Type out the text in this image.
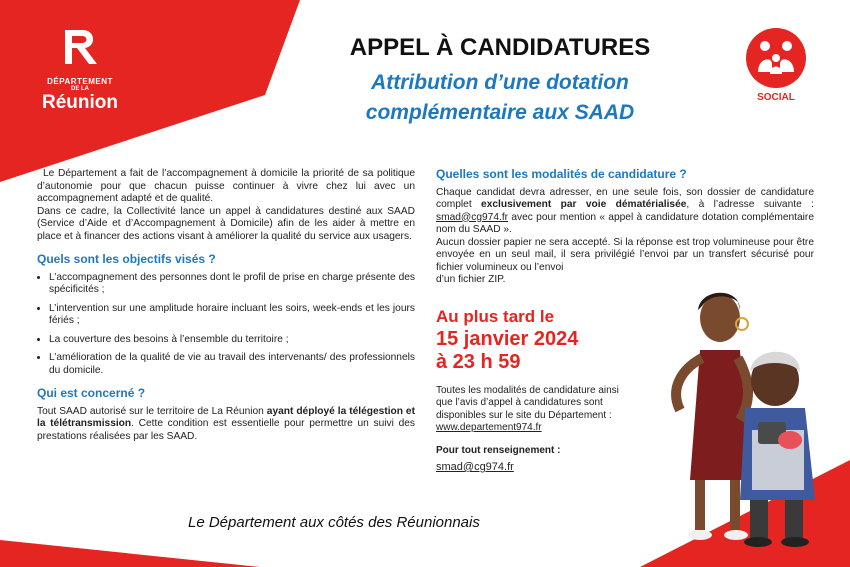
DÉPARTEMENT
DE LA
Réunion
APPEL À CANDIDATURES
Attribution d’une dotation
complémentaire aux SAAD
SOCIAL

Le Département a fait de l’accompagnement à domicile la priorité de sa politique d’autonomie pour que chacun puisse continuer à vivre chez lui avec un accompagnement adapté et de qualité.

Dans ce cadre, la Collectivité lance un appel à candidatures destiné aux SAAD (Service d’Aide et d’Accompagnement à Domicile) afin de les aider à mettre en place et à financer des actions visant à améliorer la qualité du service aux usagers.

Quels sont les objectifs visés ?
• L’accompagnement des personnes dont le profil de prise en charge présente des spécificités ;
• L’intervention sur une amplitude horaire incluant les soirs, week-ends et les jours fériés ;
• La couverture des besoins à l’ensemble du territoire ;
• L’amélioration de la qualité de vie au travail des intervenants/ des professionnels du domicile.
Qui est concerné ?

Tout SAAD autorisé sur le territoire de La Réunion ayant déployé la télégestion et la télétransmission. Cette condition est essentielle pour permettre un suivi des prestations réalisées par les SAAD.

Quelles sont les modalités de candidature ?

Chaque candidat devra adresser, en une seule fois, son dossier de candidature complet exclusivement par voie dématérialisée, à l’adresse suivante : smad@cg974.fr avec pour mention « appel à candidature dotation complémentaire nom du SAAD ».

Aucun dossier papier ne sera accepté. Si la réponse est trop volumineuse pour être envoyée en un seul mail, il sera privilégié l’envoi par un transfert sécurisé pour fichier volumineux ou l’envoi
d’un fichier ZIP.

Au plus tard le
15 janvier 2024
à 23 h 59
Toutes les modalités de candidature ainsi que l’avis d’appel à candidatures sont disponibles sur le site du Département :
www.departement974.fr
Pour tout renseignement :
smad@cg974.fr
Le Département aux côtés des Réunionnais
